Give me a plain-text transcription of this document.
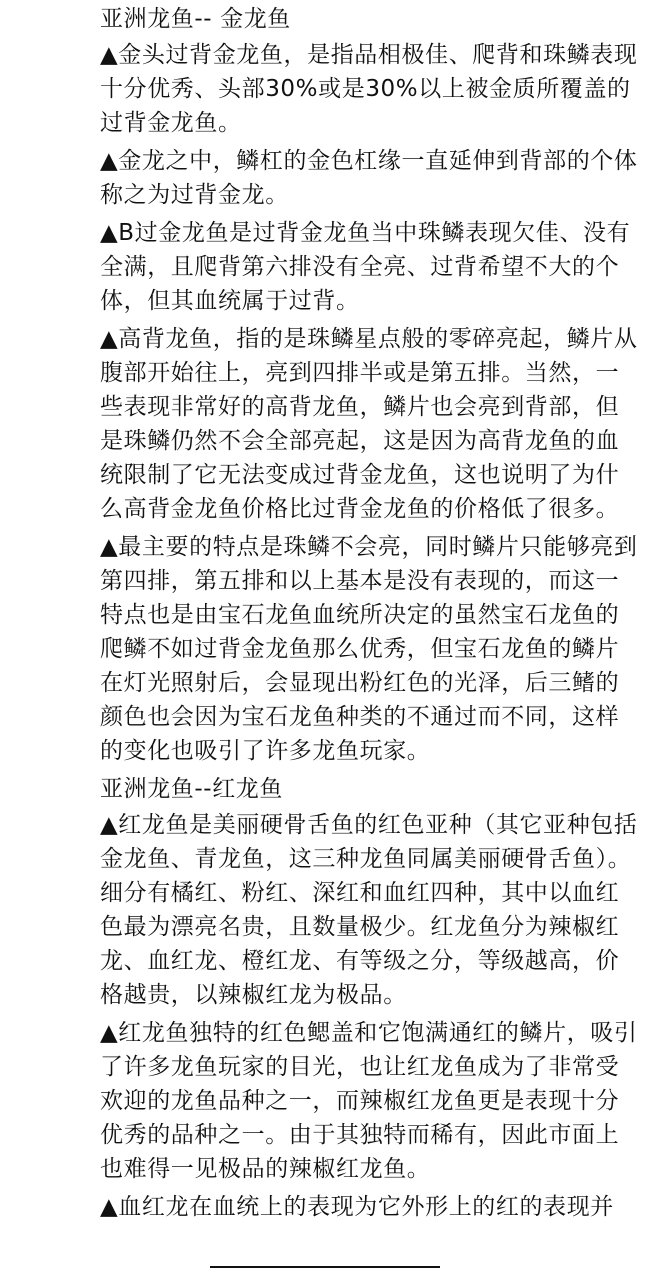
亚洲龙鱼-- 金龙鱼

▲金头过背金龙鱼，是指品相极佳、爬背和珠鳞表现十分优秀、头部30%或是30%以上被金质所覆盖的过背金龙鱼。

▲金龙之中，鳞杠的金色杠缘一直延伸到背部的个体称之为过背金龙。

▲B过金龙鱼是过背金龙鱼当中珠鳞表现欠佳、没有全满，且爬背第六排没有全亮、过背希望不大的个体，但其血统属于过背。

▲高背龙鱼，指的是珠鳞星点般的零碎亮起，鳞片从腹部开始往上，亮到四排半或是第五排。当然，一些表现非常好的高背龙鱼，鳞片也会亮到背部，但是珠鳞仍然不会全部亮起，这是因为高背龙鱼的血统限制了它无法变成过背金龙鱼，这也说明了为什么高背金龙鱼价格比过背金龙鱼的价格低了很多。

▲最主要的特点是珠鳞不会亮，同时鳞片只能够亮到第四排，第五排和以上基本是没有表现的，而这一特点也是由宝石龙鱼血统所决定的虽然宝石龙鱼的爬鳞不如过背金龙鱼那么优秀，但宝石龙鱼的鳞片在灯光照射后，会显现出粉红色的光泽，后三鳍的颜色也会因为宝石龙鱼种类的不通过而不同，这样的变化也吸引了许多龙鱼玩家。

亚洲龙鱼--红龙鱼

▲红龙鱼是美丽硬骨舌鱼的红色亚种（其它亚种包括金龙鱼、青龙鱼，这三种龙鱼同属美丽硬骨舌鱼）。细分有橘红、粉红、深红和血红四种，其中以血红色最为漂亮名贵，且数量极少。红龙鱼分为辣椒红龙、血红龙、橙红龙、有等级之分，等级越高，价格越贵，以辣椒红龙为极品。

▲红龙鱼独特的红色鳃盖和它饱满通红的鳞片，吸引了许多龙鱼玩家的目光，也让红龙鱼成为了非常受欢迎的龙鱼品种之一，而辣椒红龙鱼更是表现十分优秀的品种之一。由于其独特而稀有，因此市面上也难得一见极品的辣椒红龙鱼。

▲血红龙在血统上的表现为它外形上的红的表现并
